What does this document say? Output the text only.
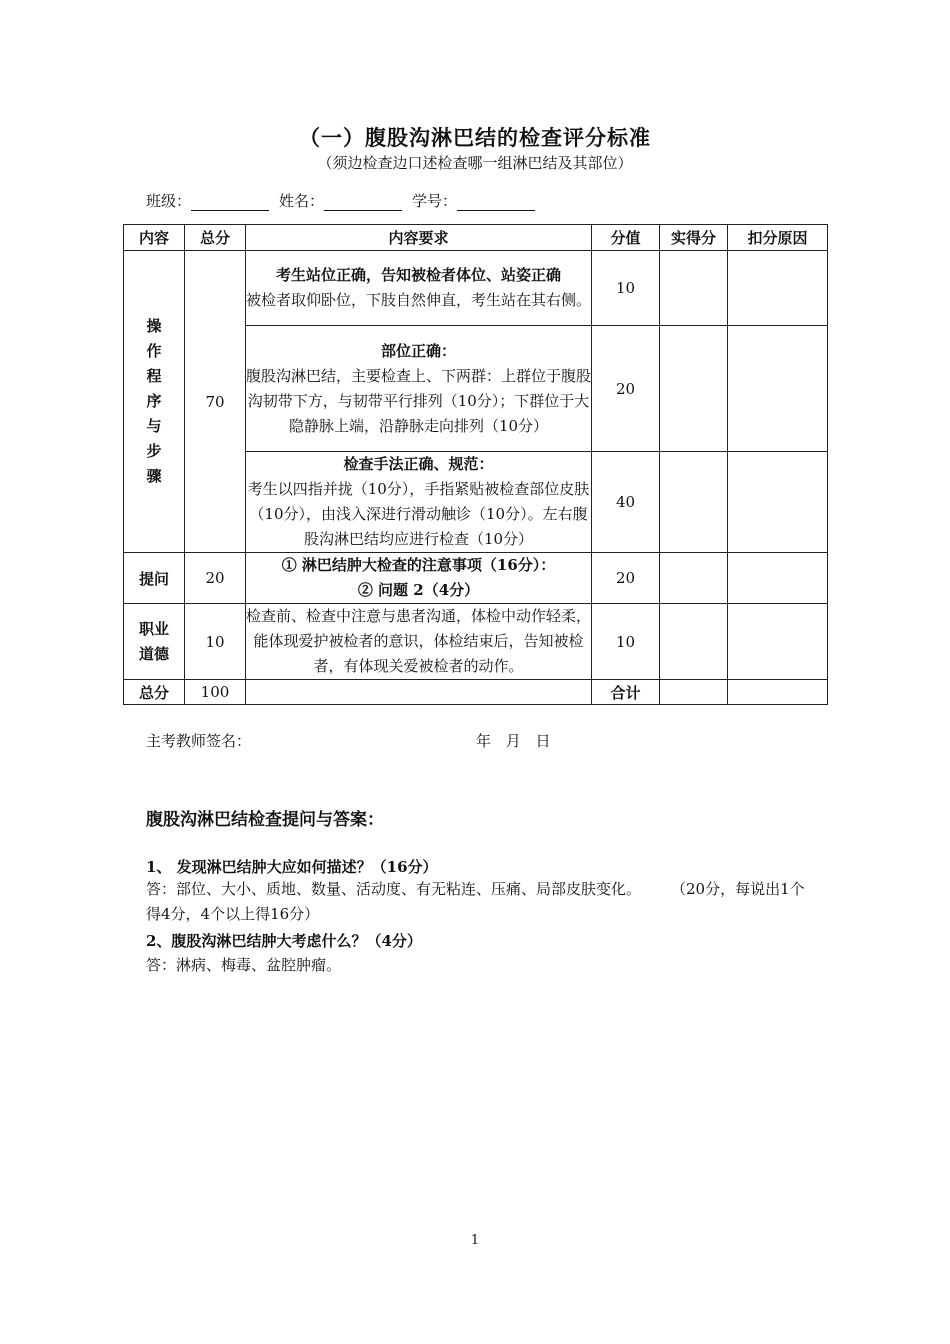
（一）腹股沟淋巴结的检查评分标准
（须边检查边口述检查哪一组淋巴结及其部位）
班级：	姓名：	学号：
内容	总分	内容要求	分值	实得分	扣分原因
操作程序与步骤	70	考生站位正确，告知被检者体位、站姿正确
被检者取仰卧位，下肢自然伸直，考生站在其右侧。	10		

		部位正确：
腹股沟淋巴结，主要检查上、下两群：上群位于腹股沟韧带下方，与韧带平行排列（10分）；下群位于大隐静脉上端，沿静脉走向排列（10分）	20		

		检查手法正确、规范：
考生以四指并拢（10分），手指紧贴被检查部位皮肤（10分），由浅入深进行滑动触诊（10分）。左右腹股沟淋巴结均应进行检查（10分）	40		
提问	20	① 淋巴结肿大检查的注意事项（16分）：
② 问题 2（4分）	20		
职业道德	10	检查前、检查中注意与患者沟通，体检中动作轻柔，能体现爱护被检者的意识，体检结束后，告知被检者，有体现关爱被检者的动作。	10		
总分	100		合计		
主考教师签名：	年 月 日
腹股沟淋巴结检查提问与答案：
1、 发现淋巴结肿大应如何描述？（16分）
答：部位、大小、质地、数量、活动度、有无粘连、压痛、局部皮肤变化。　　　（20分，每说出1个得4分，4个以上得16分）
2、腹股沟淋巴结肿大考虑什么？（4分）
答：淋病、梅毒、盆腔肿瘤。
1
